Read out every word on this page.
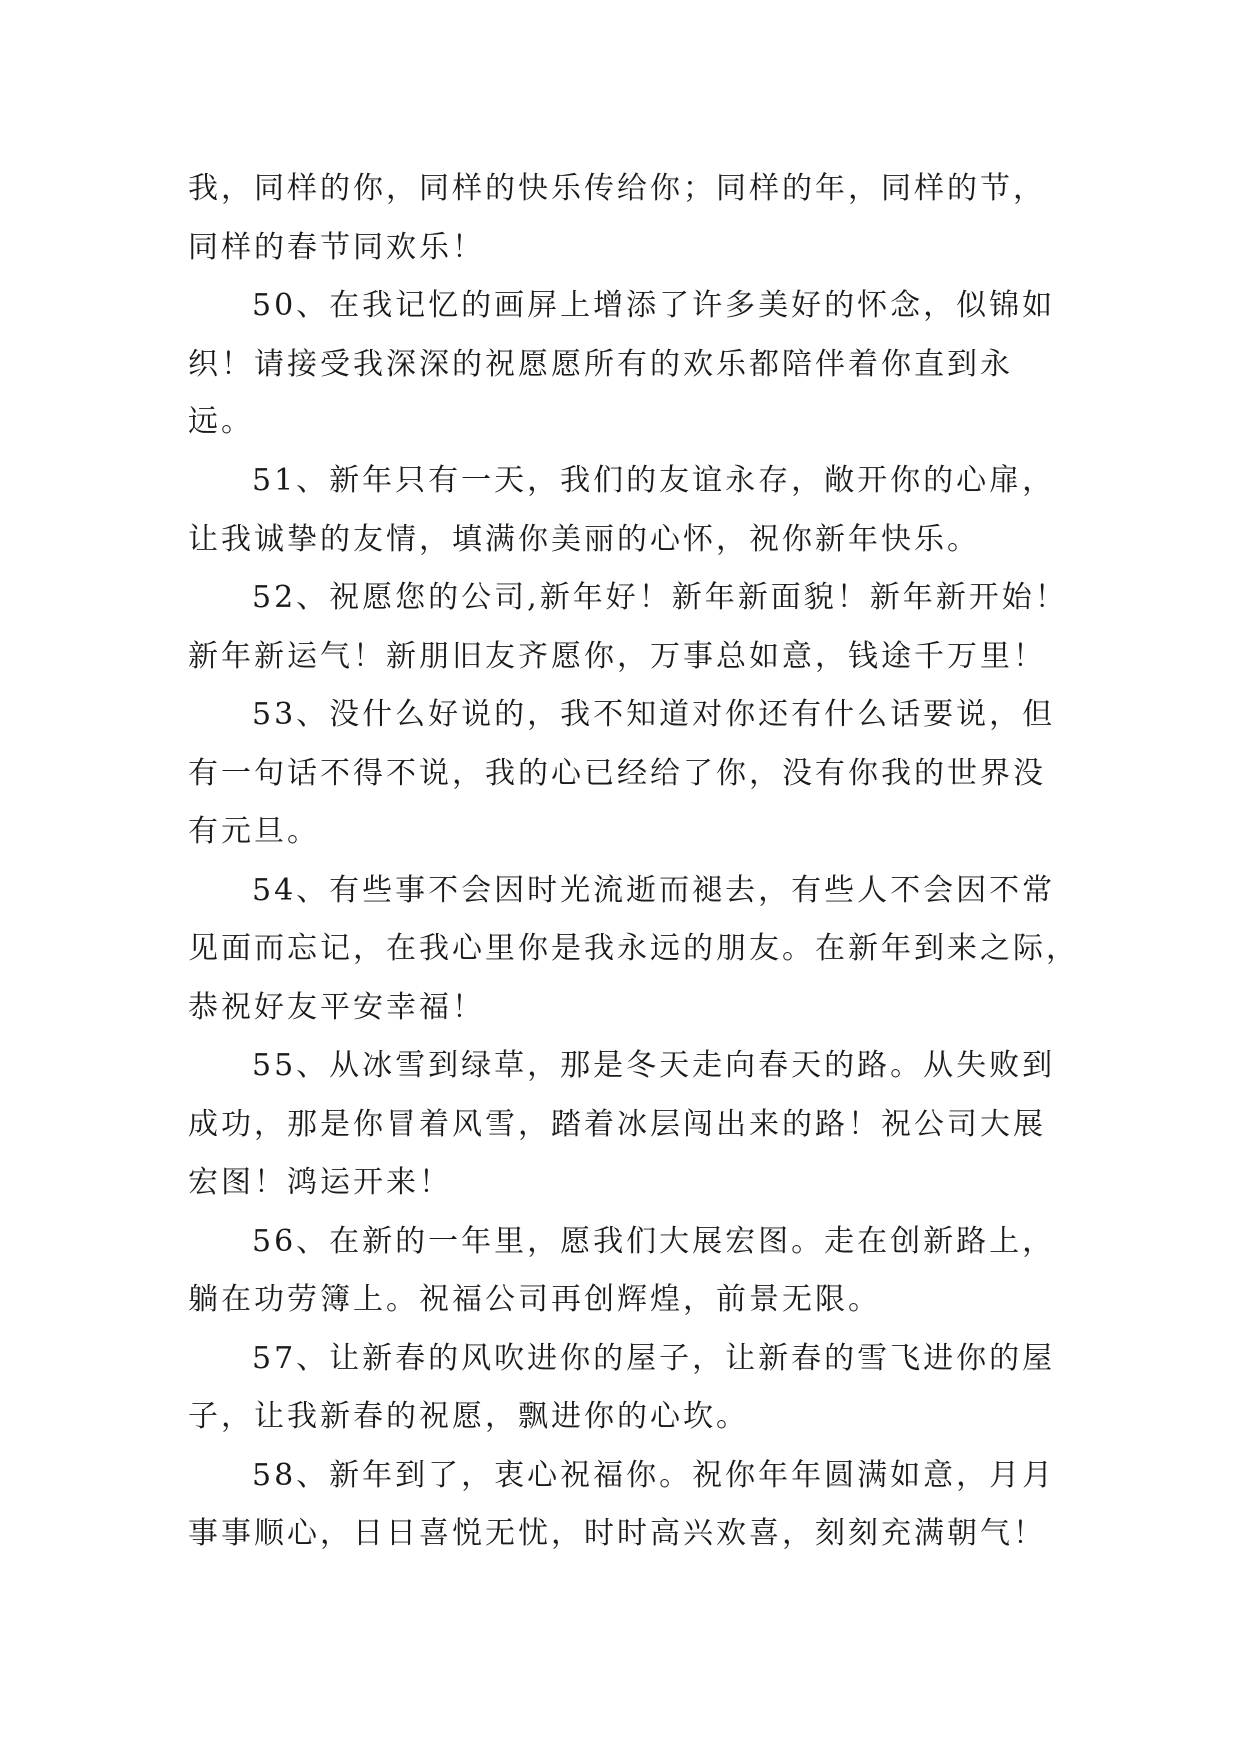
我，同样的你，同样的快乐传给你；同样的年，同样的节，
同样的春节同欢乐！
50、在我记忆的画屏上增添了许多美好的怀念，似锦如
织！请接受我深深的祝愿愿所有的欢乐都陪伴着你直到永
远。
51、新年只有一天，我们的友谊永存，敞开你的心扉，
让我诚挚的友情，填满你美丽的心怀，祝你新年快乐。
52、祝愿您的公司,新年好！新年新面貌！新年新开始！
新年新运气！新朋旧友齐愿你，万事总如意，钱途千万里！
53、没什么好说的，我不知道对你还有什么话要说，但
有一句话不得不说，我的心已经给了你，没有你我的世界没
有元旦。
54、有些事不会因时光流逝而褪去，有些人不会因不常
见面而忘记，在我心里你是我永远的朋友。在新年到来之际，
恭祝好友平安幸福！
55、从冰雪到绿草，那是冬天走向春天的路。从失败到
成功，那是你冒着风雪，踏着冰层闯出来的路！祝公司大展
宏图！鸿运开来！
56、在新的一年里，愿我们大展宏图。走在创新路上，
躺在功劳簿上。祝福公司再创辉煌，前景无限。
57、让新春的风吹进你的屋子，让新春的雪飞进你的屋
子，让我新春的祝愿，飘进你的心坎。
58、新年到了，衷心祝福你。祝你年年圆满如意，月月
事事顺心，日日喜悦无忧，时时高兴欢喜，刻刻充满朝气！
